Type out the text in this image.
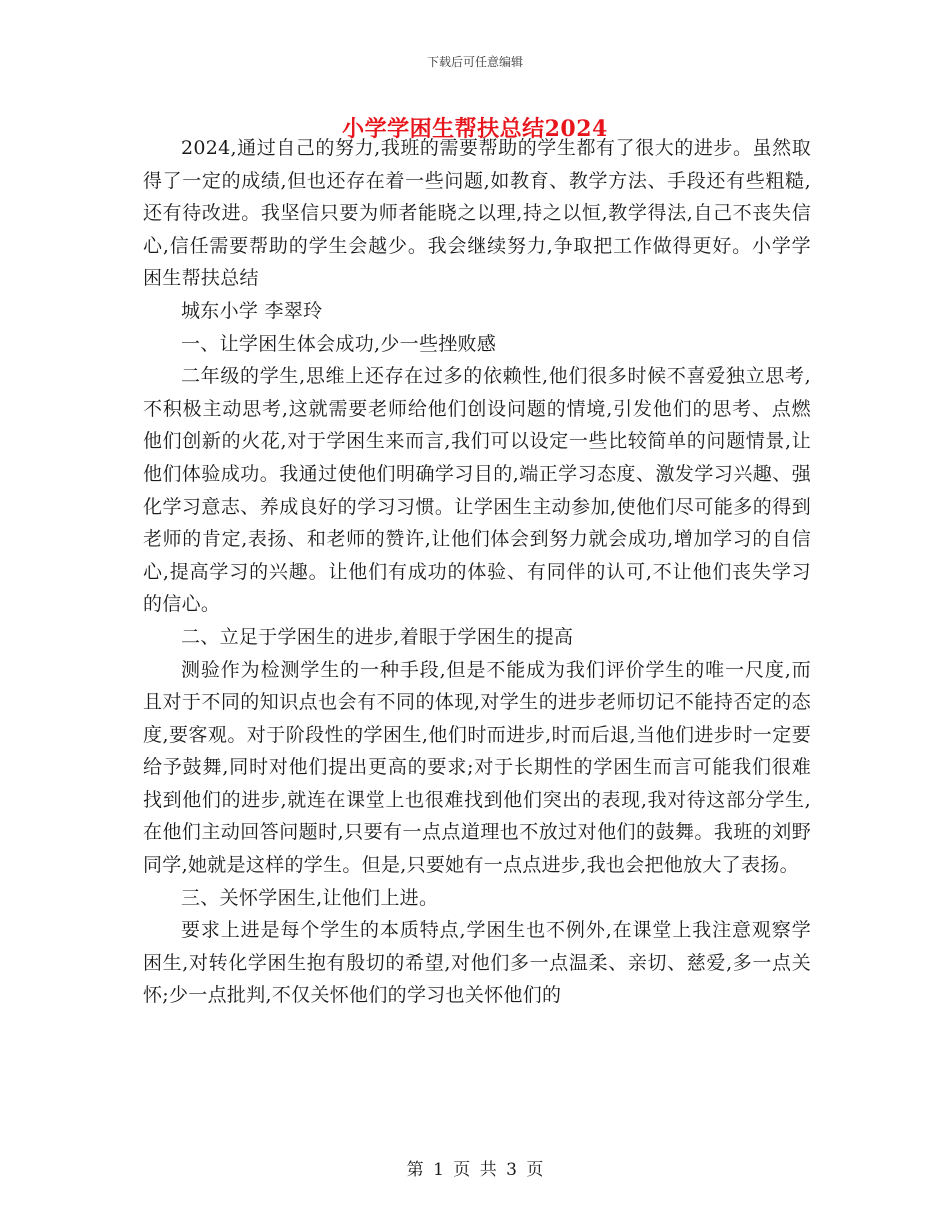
下载后可任意编辑
小学学困生帮扶总结2024

2024,通过自己的努力,我班的需要帮助的学生都有了很大的进步。虽然取得了一定的成绩,但也还存在着一些问题,如教育、教学方法、手段还有些粗糙,还有待改进。我坚信只要为师者能晓之以理,持之以恒,教学得法,自己不丧失信心,信任需要帮助的学生会越少。我会继续努力,争取把工作做得更好。小学学困生帮扶总结

城东小学 李翠玲

一、让学困生体会成功,少一些挫败感

二年级的学生,思维上还存在过多的依赖性,他们很多时候不喜爱独立思考,不积极主动思考,这就需要老师给他们创设问题的情境,引发他们的思考、点燃他们创新的火花,对于学困生来而言,我们可以设定一些比较简单的问题情景,让他们体验成功。我通过使他们明确学习目的,端正学习态度、激发学习兴趣、强化学习意志、养成良好的学习习惯。让学困生主动参加,使他们尽可能多的得到老师的肯定,表扬、和老师的赞许,让他们体会到努力就会成功,增加学习的自信心,提高学习的兴趣。让他们有成功的体验、有同伴的认可,不让他们丧失学习的信心。

二、立足于学困生的进步,着眼于学困生的提高

测验作为检测学生的一种手段,但是不能成为我们评价学生的唯一尺度,而且对于不同的知识点也会有不同的体现,对学生的进步老师切记不能持否定的态度,要客观。对于阶段性的学困生,他们时而进步,时而后退,当他们进步时一定要给予鼓舞,同时对他们提出更高的要求;对于长期性的学困生而言可能我们很难找到他们的进步,就连在课堂上也很难找到他们突出的表现,我对待这部分学生,在他们主动回答问题时,只要有一点点道理也不放过对他们的鼓舞。我班的刘野同学,她就是这样的学生。但是,只要她有一点点进步,我也会把他放大了表扬。

三、关怀学困生,让他们上进。

要求上进是每个学生的本质特点,学困生也不例外,在课堂上我注意观察学困生,对转化学困生抱有殷切的希望,对他们多一点温柔、亲切、慈爱,多一点关怀;少一点批判,不仅关怀他们的学习也关怀他们的

第 1 页 共 3 页
